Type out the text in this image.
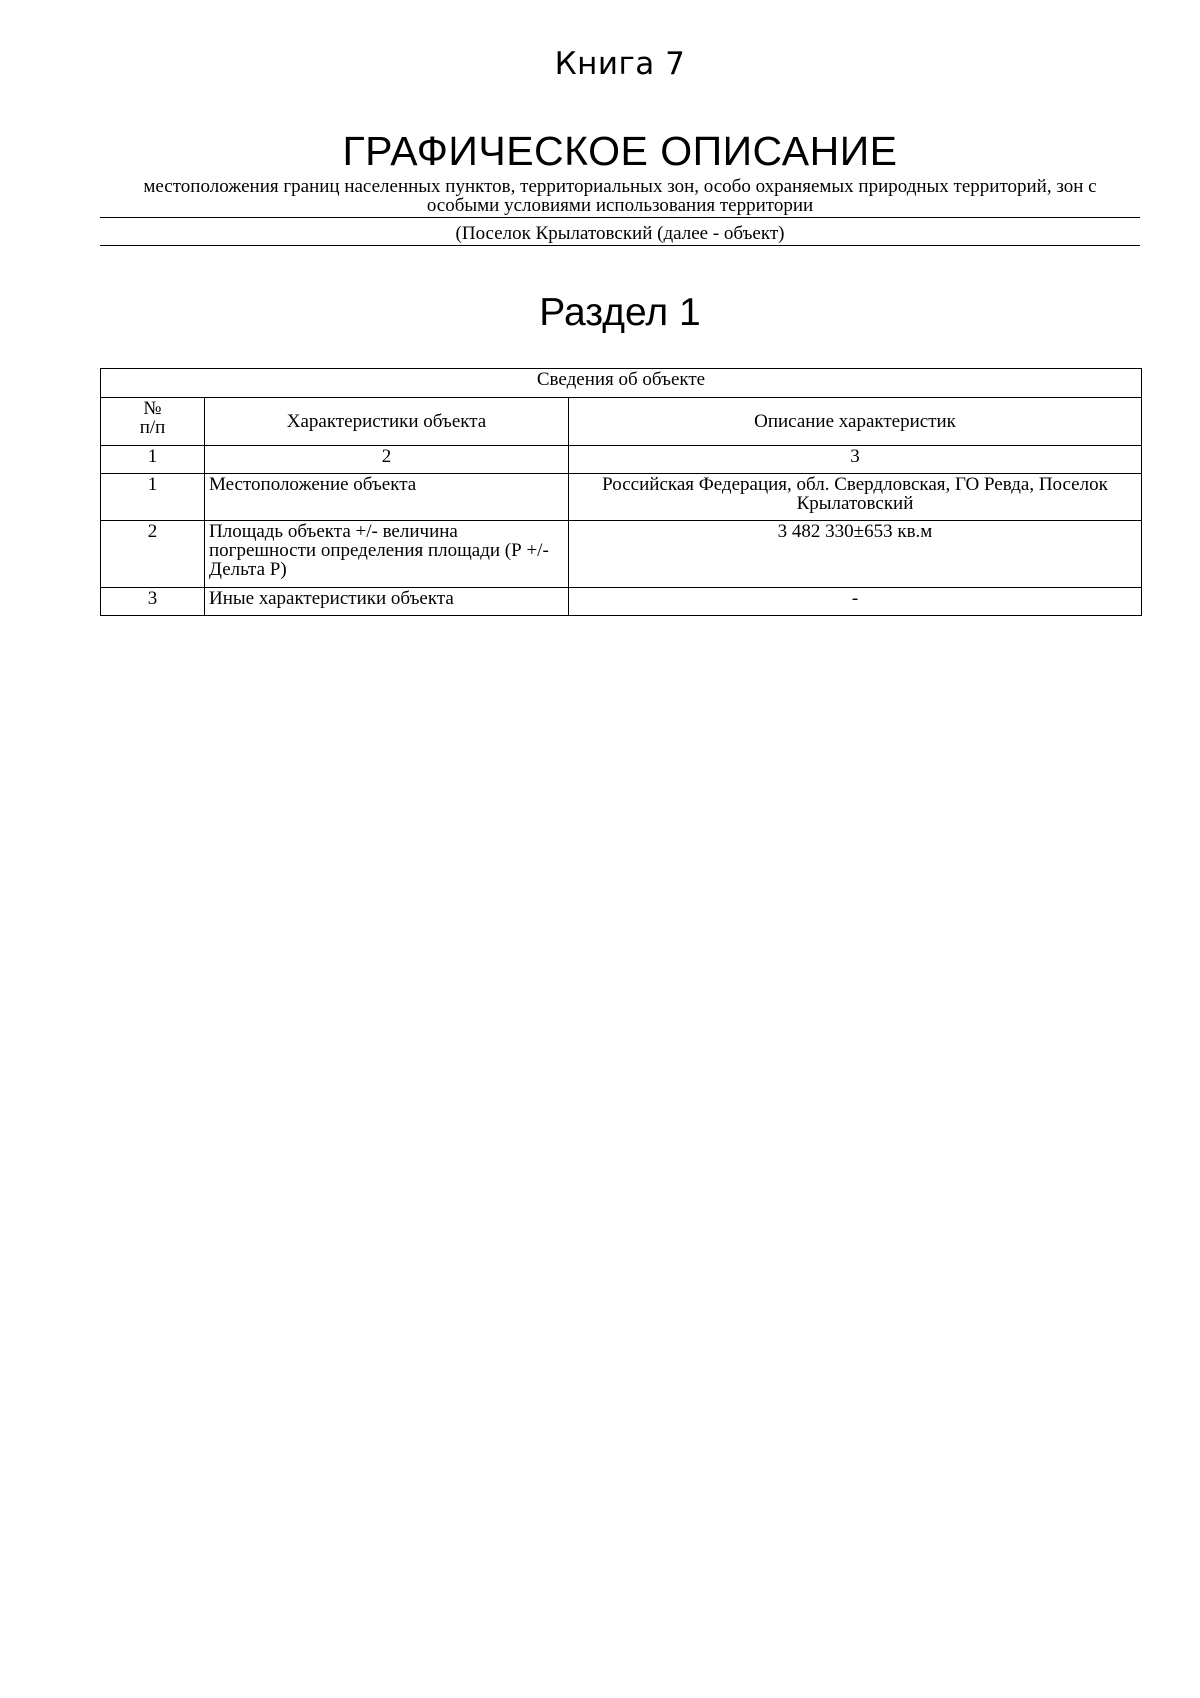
Книга 7
ГРАФИЧЕСКОЕ ОПИСАНИЕ
местоположения границ населенных пунктов, территориальных зон, особо охраняемых природных территорий, зон с
особыми условиями использования территории
(Поселок Крылатовский (далее - объект)
Раздел 1
Сведения об объекте		

№
п/п	Характеристики объекта	Описание характеристик
1	2	3
1	Местоположение объекта	Российская Федерация, обл. Свердловская, ГО Ревда, Поселок Крылатовский
2	Площадь объекта +/- величина погрешности определения площади (Р +/- Дельта Р)	3 482 330±653 кв.м
3	Иные характеристики объекта	-
